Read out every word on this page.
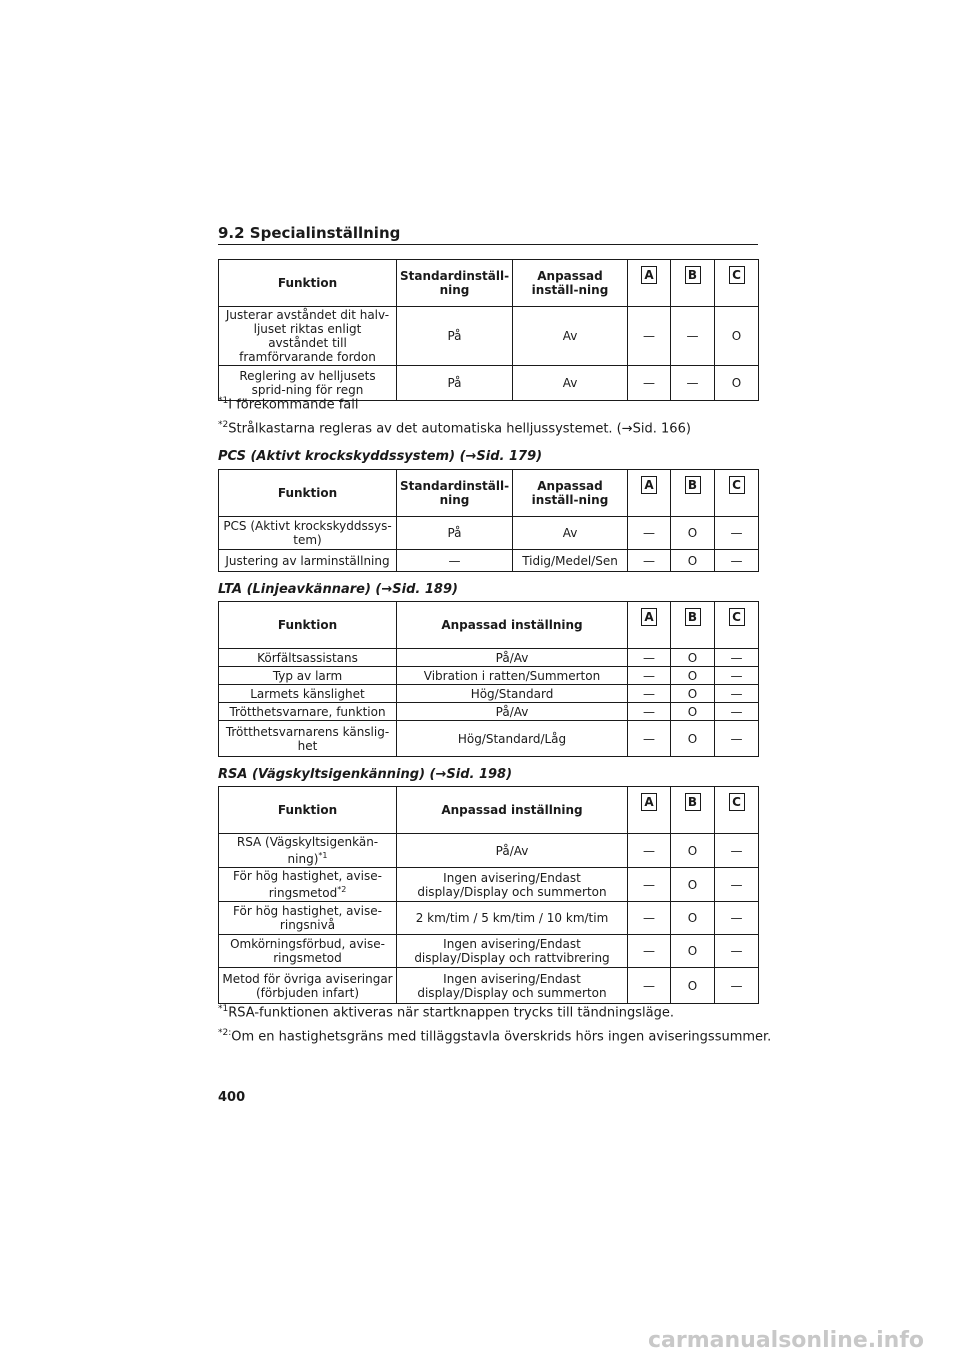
9.2 Specialinställning
Funktion	Standardinställ-ning	Anpassad inställ-ning	A	B	C
Justerar avståndet dit halv-ljuset riktas enligt avståndet till framförvarande fordon	På	Av	—	—	O
Reglering av helljusets sprid-ning för regn	På	Av	—	—	O
$^{*1}$I förekommande fall
$^{*2}$Strålkastarna regleras av det automatiska helljussystemet. (→Sid. 166)
PCS (Aktivt krockskyddssystem) (→Sid. 179)
Funktion	Standardinställ-ning	Anpassad inställ-ning	A	B	C
PCS (Aktivt krockskyddssys-tem)	På	Av	—	O	—
Justering av larminställning	—	Tidig/Medel/Sen	—	O	—
LTA (Linjeavkännare) (→Sid. 189)
Funktion	Anpassad inställning	A	B	C
Körfältsassistans	På/Av	—	O	—
Typ av larm	Vibration i ratten/Summerton	—	O	—
Larmets känslighet	Hög/Standard	—	O	—
Trötthetsvarnare, funktion	På/Av	—	O	—
Trötthetsvarnarens känslig-het	Hög/Standard/Låg	—	O	—
RSA (Vägskyltsigenkänning) (→Sid. 198)
Funktion	Anpassad inställning	A	B	C
RSA (Vägskyltsigenkän-ning)$^{*1}$	På/Av	—	O	—
För hög hastighet, avise-ringsmetod$^{*2}$	Ingen avisering/Endast display/Display och summerton	—	O	—
För hög hastighet, avise-ringsnivå	2 km/tim / 5 km/tim / 10 km/tim	—	O	—
Omkörningsförbud, avise-ringsmetod	Ingen avisering/Endast display/Display och rattvibrering	—	O	—
Metod för övriga aviseringar (förbjuden infart)	Ingen avisering/Endast display/Display och summerton	—	O	—
$^{*1}$RSA-funktionen aktiveras när startknappen trycks till tändningsläge.
$^{*2:}$Om en hastighetsgräns med tilläggstavla överskrids hörs ingen aviseringssummer.
400
carmanualsonline.info
